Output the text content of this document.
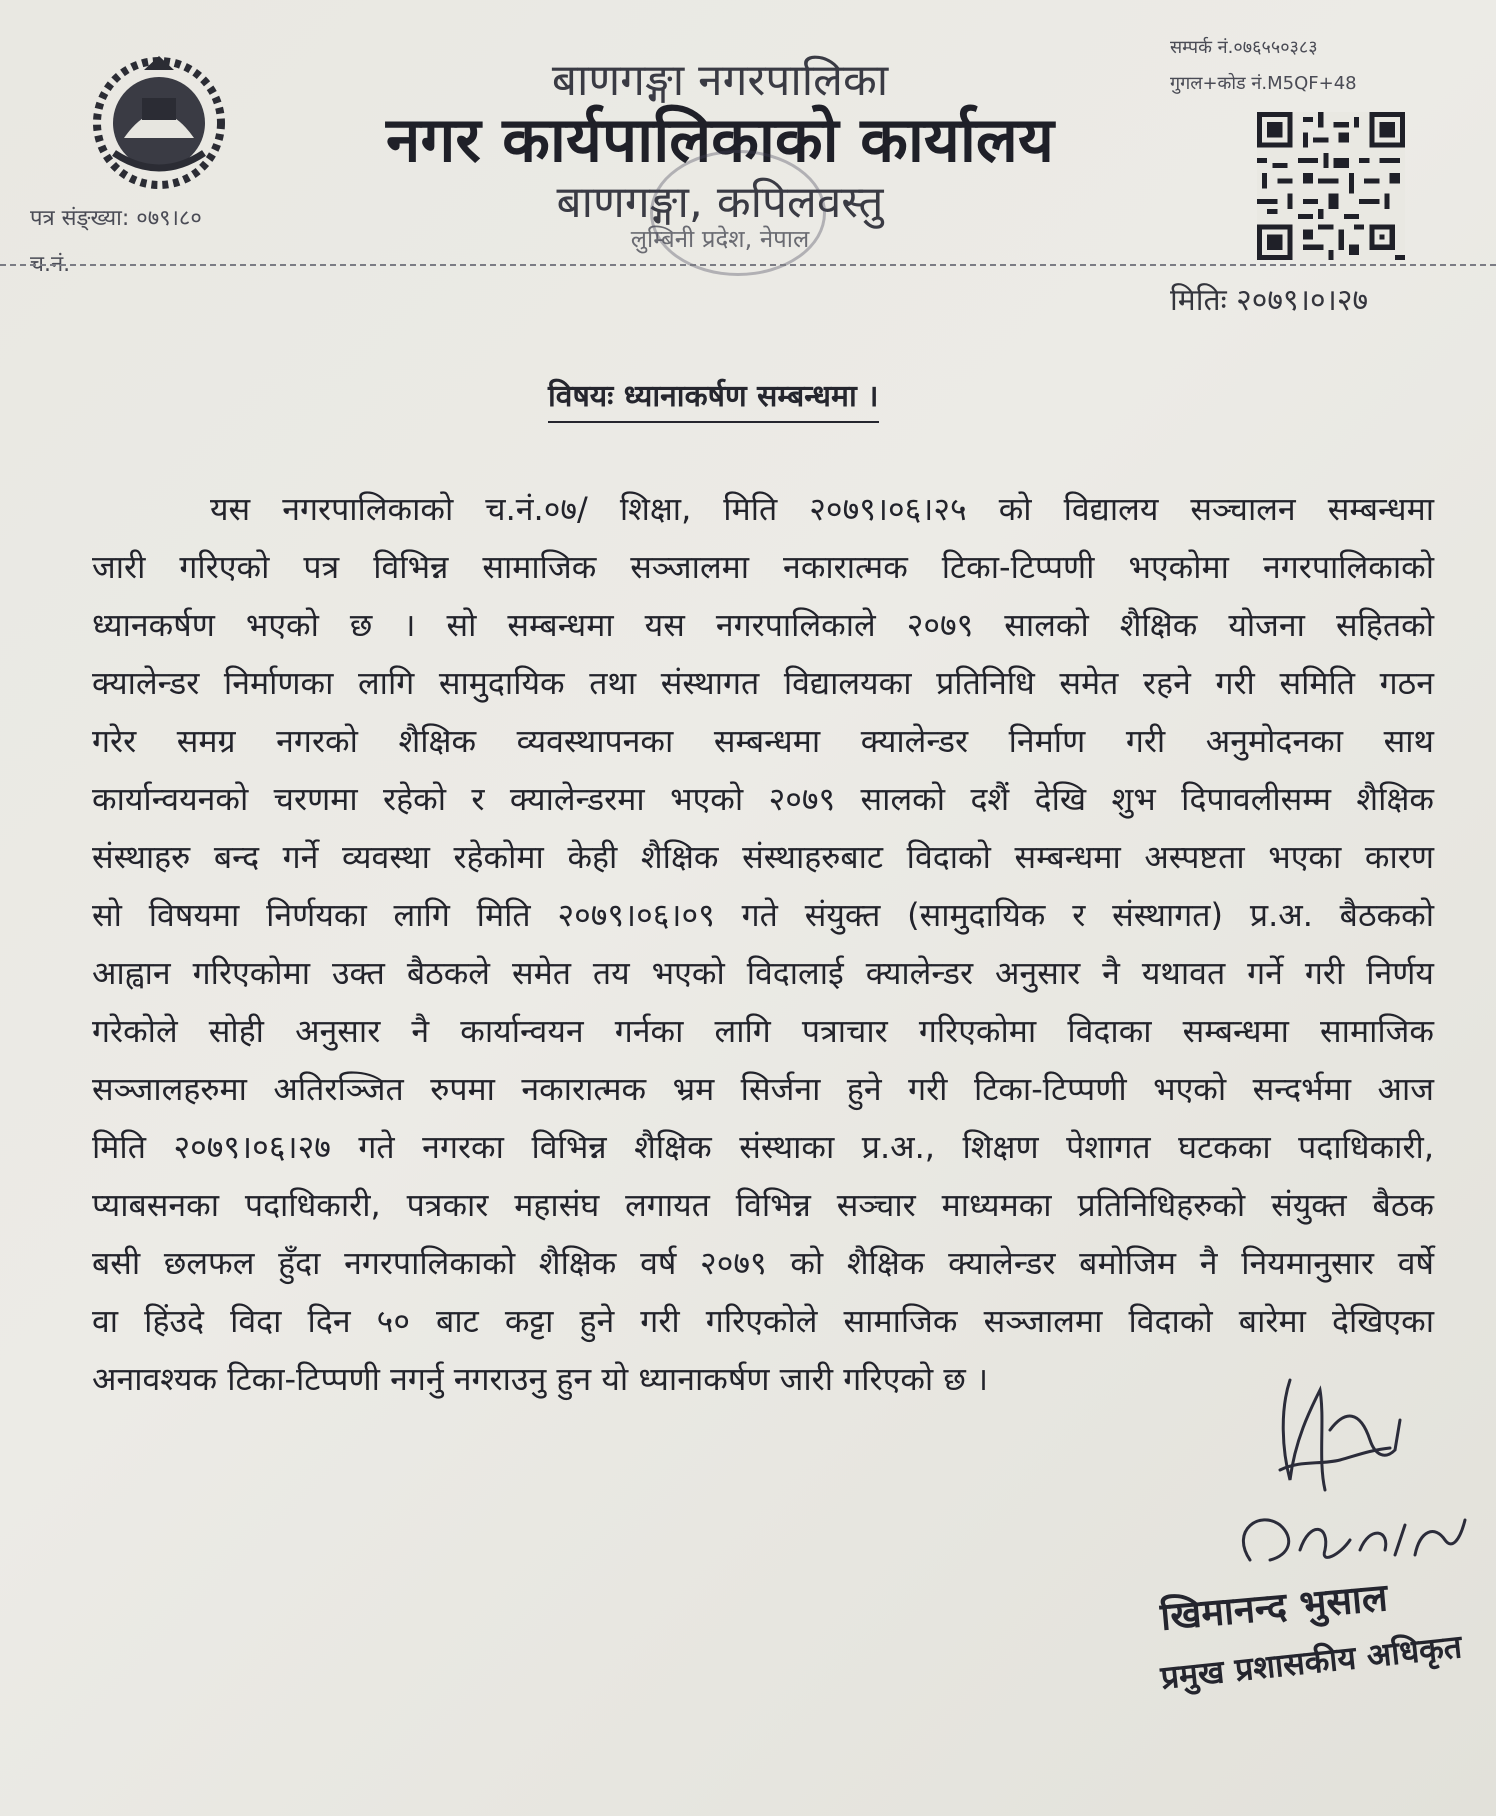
बाणगङ्गा नगरपालिका
नगर कार्यपालिकाको कार्यालय
बाणगङ्गा, कपिलवस्तु
लुम्बिनी प्रदेश, नेपाल
सम्पर्क नं.०७६५५०३८३
गुगल+कोड नं.M5QF+48
पत्र संङ्ख्या: ०७९।८०
च.नं.
मितिः २०७९।०।२७
विषयः ध्यानाकर्षण सम्बन्धमा ।
यस नगरपालिकाको च.नं.०७/ शिक्षा, मिति २०७९।०६।२५ को विद्यालय सञ्चालन सम्बन्धमा
जारी गरिएको पत्र विभिन्न सामाजिक सञ्जालमा नकारात्मक टिका-टिप्पणी भएकोमा नगरपालिकाको
ध्यानकर्षण भएको छ । सो सम्बन्धमा यस नगरपालिकाले २०७९ सालको शैक्षिक योजना सहितको
क्यालेन्डर निर्माणका लागि सामुदायिक तथा संस्थागत विद्यालयका प्रतिनिधि समेत रहने गरी समिति गठन
गरेर समग्र नगरको शैक्षिक व्यवस्थापनका सम्बन्धमा क्यालेन्डर निर्माण गरी अनुमोदनका साथ
कार्यान्वयनको चरणमा रहेको र क्यालेन्डरमा भएको २०७९ सालको दशैं देखि शुभ दिपावलीसम्म शैक्षिक
संस्थाहरु बन्द गर्ने व्यवस्था रहेकोमा केही शैक्षिक संस्थाहरुबाट विदाको सम्बन्धमा अस्पष्टता भएका कारण
सो विषयमा निर्णयका लागि मिति २०७९।०६।०९ गते संयुक्त (सामुदायिक र संस्थागत) प्र.अ. बैठकको
आह्वान गरिएकोमा उक्त बैठकले समेत तय भएको विदालाई क्यालेन्डर अनुसार नै यथावत गर्ने गरी निर्णय
गरेकोले सोही अनुसार नै कार्यान्वयन गर्नका लागि पत्राचार गरिएकोमा विदाका सम्बन्धमा सामाजिक
सञ्जालहरुमा अतिरञ्जित रुपमा नकारात्मक भ्रम सिर्जना हुने गरी टिका-टिप्पणी भएको सन्दर्भमा आज
मिति २०७९।०६।२७ गते नगरका विभिन्न शैक्षिक संस्थाका प्र.अ., शिक्षण पेशागत घटकका पदाधिकारी,
प्याबसनका पदाधिकारी, पत्रकार महासंघ लगायत विभिन्न सञ्चार माध्यमका प्रतिनिधिहरुको संयुक्त बैठक
बसी छलफल हुँदा नगरपालिकाको शैक्षिक वर्ष २०७९ को शैक्षिक क्यालेन्डर बमोजिम नै नियमानुसार वर्षे
वा हिंउदे विदा दिन ५० बाट कट्टा हुने गरी गरिएकोले सामाजिक सञ्जालमा विदाको बारेमा देखिएका
अनावश्यक टिका-टिप्पणी नगर्नु नगराउनु हुन यो ध्यानाकर्षण जारी गरिएको छ ।
खिमानन्द भुसाल
प्रमुख प्रशासकीय अधिकृत
